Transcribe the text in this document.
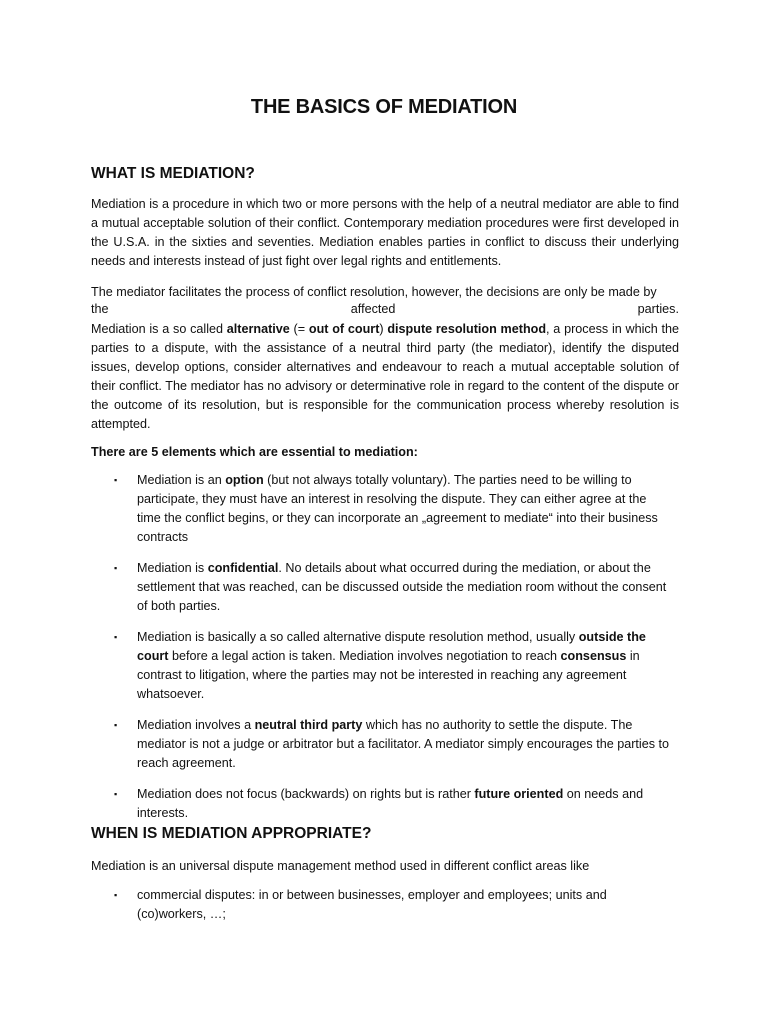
THE BASICS OF MEDIATION
WHAT IS MEDIATION?
Mediation is a procedure in which two or more persons with the help of a neutral mediator are able to find a mutual acceptable solution of their conflict. Contemporary mediation procedures were first developed in the U.S.A. in the sixties and seventies. Mediation enables parties in conflict to discuss their underlying needs and interests instead of just fight over legal rights and entitlements.
The mediator facilitates the process of conflict resolution, however, the decisions are only be made by
the	affected	parties.
Mediation is a so called alternative (= out of court) dispute resolution method, a process in which the parties to a dispute, with the assistance of a neutral third party (the mediator), identify the disputed issues, develop options, consider alternatives and endeavour to reach a mutual acceptable solution of their conflict. The mediator has no advisory or determinative role in regard to the content of the dispute or the outcome of its resolution, but is responsible for the communication process whereby resolution is attempted.
There are 5 elements which are essential to mediation:
▪ Mediation is an option (but not always totally voluntary). The parties need to be willing to participate, they must have an interest in resolving the dispute. They can either agree at the time the conflict begins, or they can incorporate an „agreement to mediate“ into their business contracts
▪ Mediation is confidential. No details about what occurred during the mediation, or about the settlement that was reached, can be discussed outside the mediation room without the consent of both parties.
▪ Mediation is basically a so called alternative dispute resolution method, usually outside the court before a legal action is taken. Mediation involves negotiation to reach consensus in contrast to litigation, where the parties may not be interested in reaching any agreement whatsoever.
▪ Mediation involves a neutral third party which has no authority to settle the dispute. The mediator is not a judge or arbitrator but a facilitator. A mediator simply encourages the parties to reach agreement.
▪ Mediation does not focus (backwards) on rights but is rather future oriented on needs and interests.
WHEN IS MEDIATION APPROPRIATE?
Mediation is an universal dispute management method used in different conflict areas like
▪ commercial disputes: in or between businesses, employer and employees; units and (co)workers, …;
